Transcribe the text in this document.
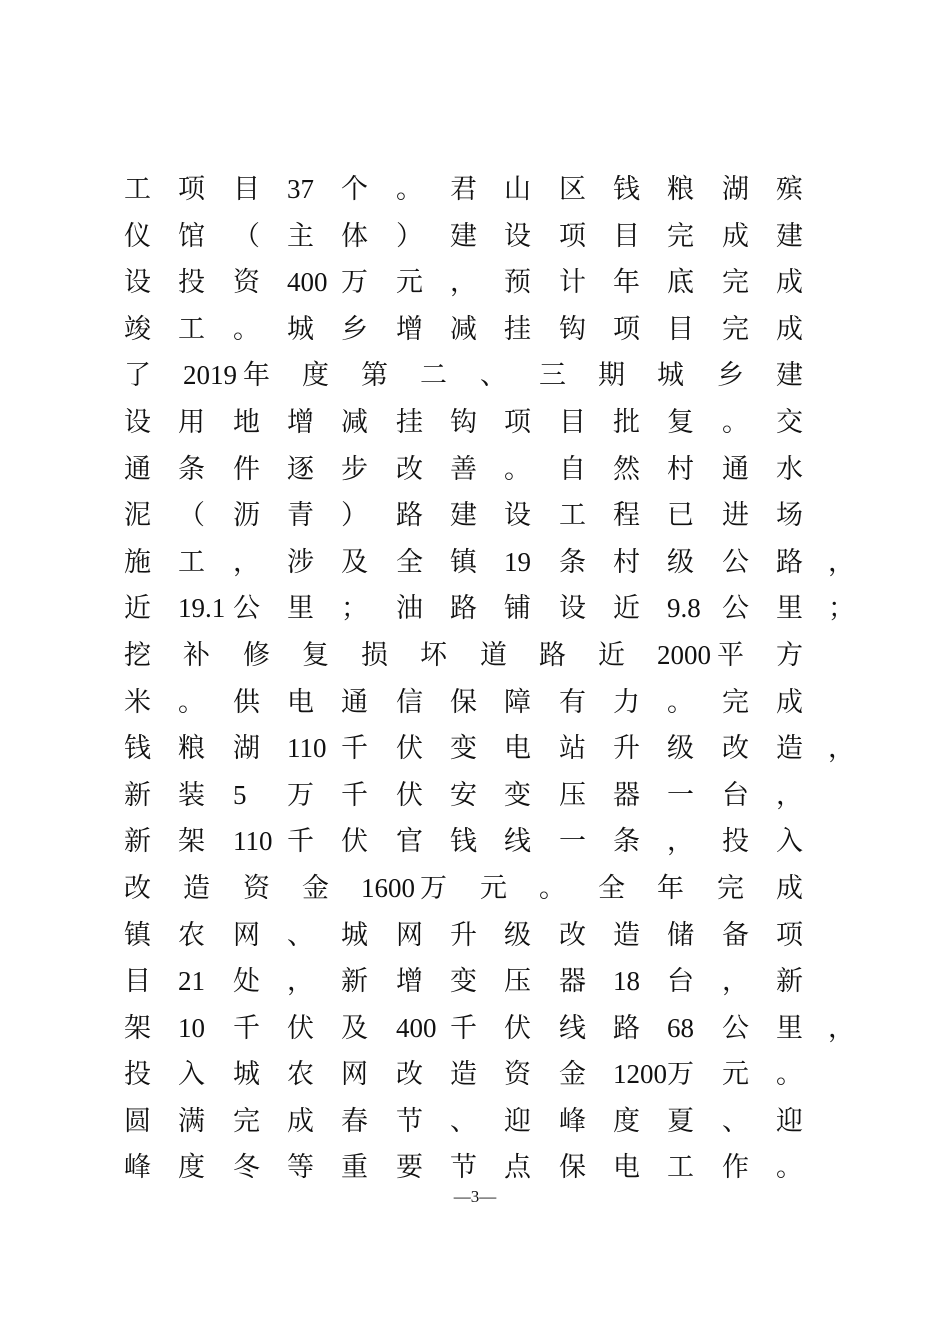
工 项 目 37 个 。 君 山 区 钱 粮 湖 殡
仪 馆 （ 主 体 ） 建 设 项 目 完 成 建
设 投 资 400 万 元 ， 预 计 年 底 完 成
竣 工 。 城 乡 增 减 挂 钩 项 目 完 成
了 2019 年 度 第 二 、 三 期 城 乡 建
设 用 地 增 减 挂 钩 项 目 批 复 。 交
通 条 件 逐 步 改 善 。 自 然 村 通 水
泥 （ 沥 青 ） 路 建 设 工 程 已 进 场
施 工 ， 涉 及 全 镇 19 条 村 级 公 路 ，
近 19.1 公 里 ； 油 路 铺 设 近 9.8 公 里 ；
挖 补 修 复 损 坏 道 路 近 2000 平 方
米 。 供 电 通 信 保 障 有 力 。 完 成
钱 粮 湖 110 千 伏 变 电 站 升 级 改 造 ，
新 装 5 万 千 伏 安 变 压 器 一 台 ，
新 架 110 千 伏 官 钱 线 一 条 ， 投 入
改 造 资 金 1600 万 元 。 全 年 完 成
镇 农 网 、 城 网 升 级 改 造 储 备 项
目 21 处 ， 新 增 变 压 器 18 台 ， 新
架 10 千 伏 及 400 千 伏 线 路 68 公 里 ，
投 入 城 农 网 改 造 资 金 1200 万 元 。
圆 满 完 成 春 节 、 迎 峰 度 夏 、 迎
峰 度 冬 等 重 要 节 点 保 电 工 作 。
—3—
